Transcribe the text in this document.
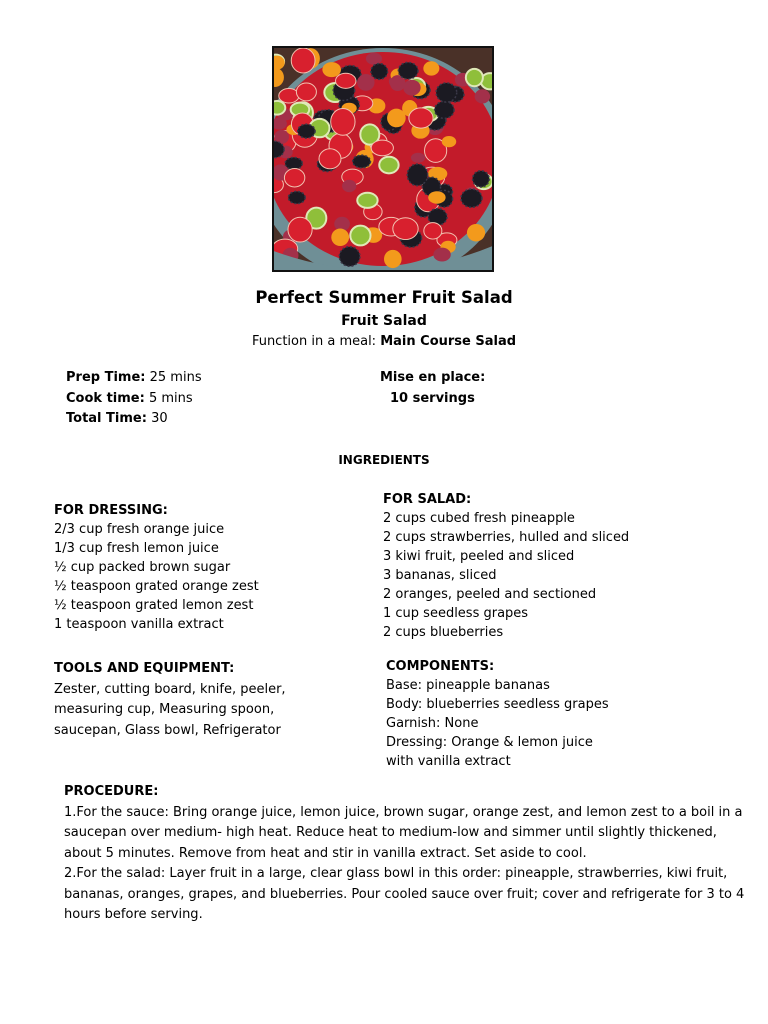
Perfect Summer Fruit Salad
Fruit Salad
Function in a meal: Main Course Salad
Prep Time: 25 mins
Cook time: 5 mins
Total Time: 30
Mise en place:
10 servings
INGREDIENTS
FOR DRESSING:
2/3 cup fresh orange juice
1/3 cup fresh lemon juice
½ cup packed brown sugar
½ teaspoon grated orange zest
½ teaspoon grated lemon zest
1 teaspoon vanilla extract
FOR SALAD:
2 cups cubed fresh pineapple
2 cups strawberries, hulled and sliced
3 kiwi fruit, peeled and sliced
3 bananas, sliced
2 oranges, peeled and sectioned
1 cup seedless grapes
2 cups blueberries
TOOLS AND EQUIPMENT:
Zester, cutting board, knife, peeler,
measuring cup, Measuring spoon,
saucepan, Glass bowl, Refrigerator
COMPONENTS:
Base: pineapple bananas
Body: blueberries seedless grapes
Garnish: None
Dressing: Orange & lemon juice
with vanilla extract
PROCEDURE:
1.For the sauce: Bring orange juice, lemon juice, brown sugar, orange zest, and lemon zest to a boil in a
saucepan over medium- high heat. Reduce heat to medium-low and simmer until slightly thickened,
about 5 minutes. Remove from heat and stir in vanilla extract. Set aside to cool.
2.For the salad: Layer fruit in a large, clear glass bowl in this order: pineapple, strawberries, kiwi fruit,
bananas, oranges, grapes, and blueberries. Pour cooled sauce over fruit; cover and refrigerate for 3 to 4
hours before serving.
